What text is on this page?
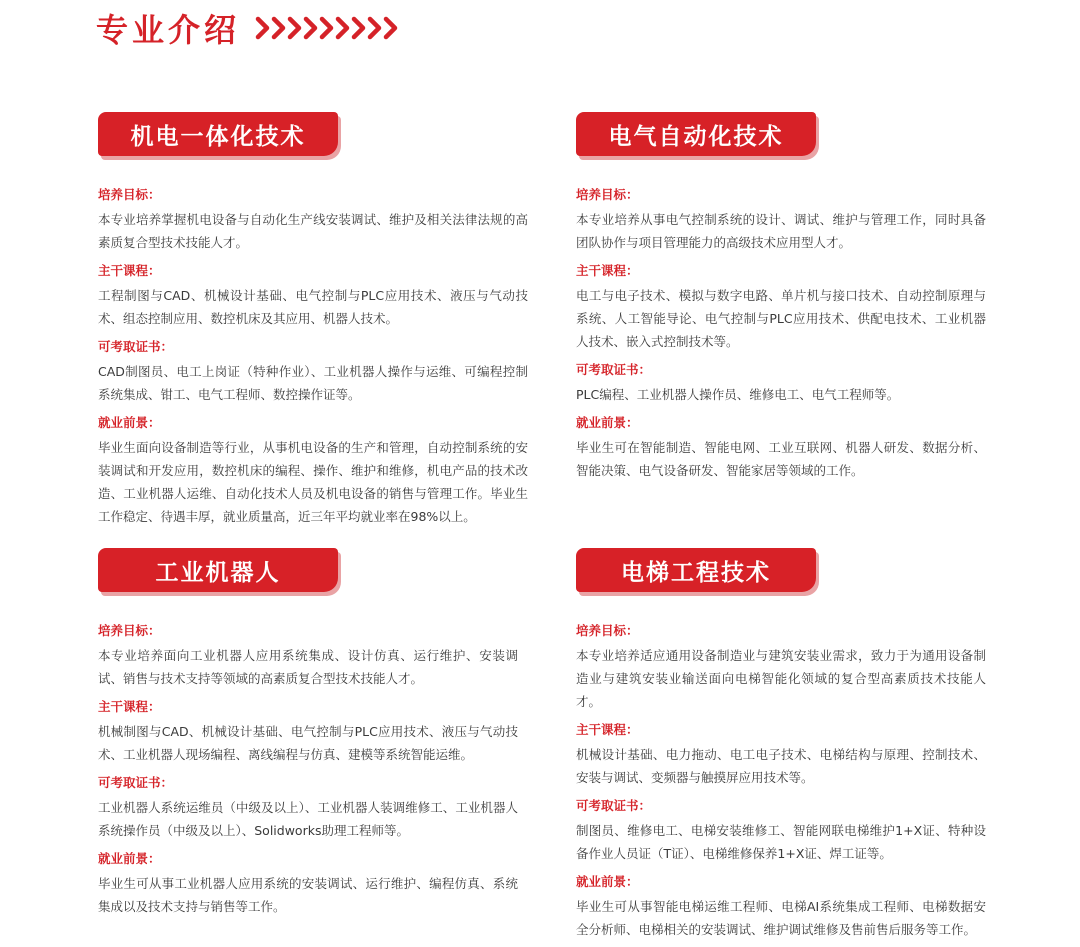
专业介绍
机电一体化技术
培养目标：
本专业培养掌握机电设备与自动化生产线安装调试、维护及相关法律法规的高素质复合型技术技能人才。
主干课程：
工程制图与CAD、机械设计基础、电气控制与PLC应用技术、液压与气动技术、组态控制应用、数控机床及其应用、机器人技术。
可考取证书：
CAD制图员、电工上岗证（特种作业）、工业机器人操作与运维、可编程控制系统集成、钳工、电气工程师、数控操作证等。
就业前景：
毕业生面向设备制造等行业，从事机电设备的生产和管理，自动控制系统的安装调试和开发应用，数控机床的编程、操作、维护和维修，机电产品的技术改造、工业机器人运维、自动化技术人员及机电设备的销售与管理工作。毕业生工作稳定、待遇丰厚，就业质量高，近三年平均就业率在98%以上。
电气自动化技术
培养目标：
本专业培养从事电气控制系统的设计、调试、维护与管理工作，同时具备团队协作与项目管理能力的高级技术应用型人才。
主干课程：
电工与电子技术、模拟与数字电路、单片机与接口技术、自动控制原理与系统、人工智能导论、电气控制与PLC应用技术、供配电技术、工业机器人技术、嵌入式控制技术等。
可考取证书：
PLC编程、工业机器人操作员、维修电工、电气工程师等。
就业前景：
毕业生可在智能制造、智能电网、工业互联网、机器人研发、数据分析、智能决策、电气设备研发、智能家居等领域的工作。
工业机器人
培养目标：
本专业培养面向工业机器人应用系统集成、设计仿真、运行维护、安装调试、销售与技术支持等领域的高素质复合型技术技能人才。
主干课程：
机械制图与CAD、机械设计基础、电气控制与PLC应用技术、液压与气动技术、工业机器人现场编程、离线编程与仿真、建模等系统智能运维。
可考取证书：
工业机器人系统运维员（中级及以上）、工业机器人装调维修工、工业机器人系统操作员（中级及以上）、Solidworks助理工程师等。
就业前景：
毕业生可从事工业机器人应用系统的安装调试、运行维护、编程仿真、系统集成以及技术支持与销售等工作。
电梯工程技术
培养目标：
本专业培养适应通用设备制造业与建筑安装业需求，致力于为通用设备制造业与建筑安装业输送面向电梯智能化领域的复合型高素质技术技能人才。
主干课程：
机械设计基础、电力拖动、电工电子技术、电梯结构与原理、控制技术、安装与调试、变频器与触摸屏应用技术等。
可考取证书：
制图员、维修电工、电梯安装维修工、智能网联电梯维护1+X证、特种设备作业人员证（T证）、电梯维修保养1+X证、焊工证等。
就业前景：
毕业生可从事智能电梯运维工程师、电梯AI系统集成工程师、电梯数据安全分析师、电梯相关的安装调试、维护调试维修及售前售后服务等工作。
